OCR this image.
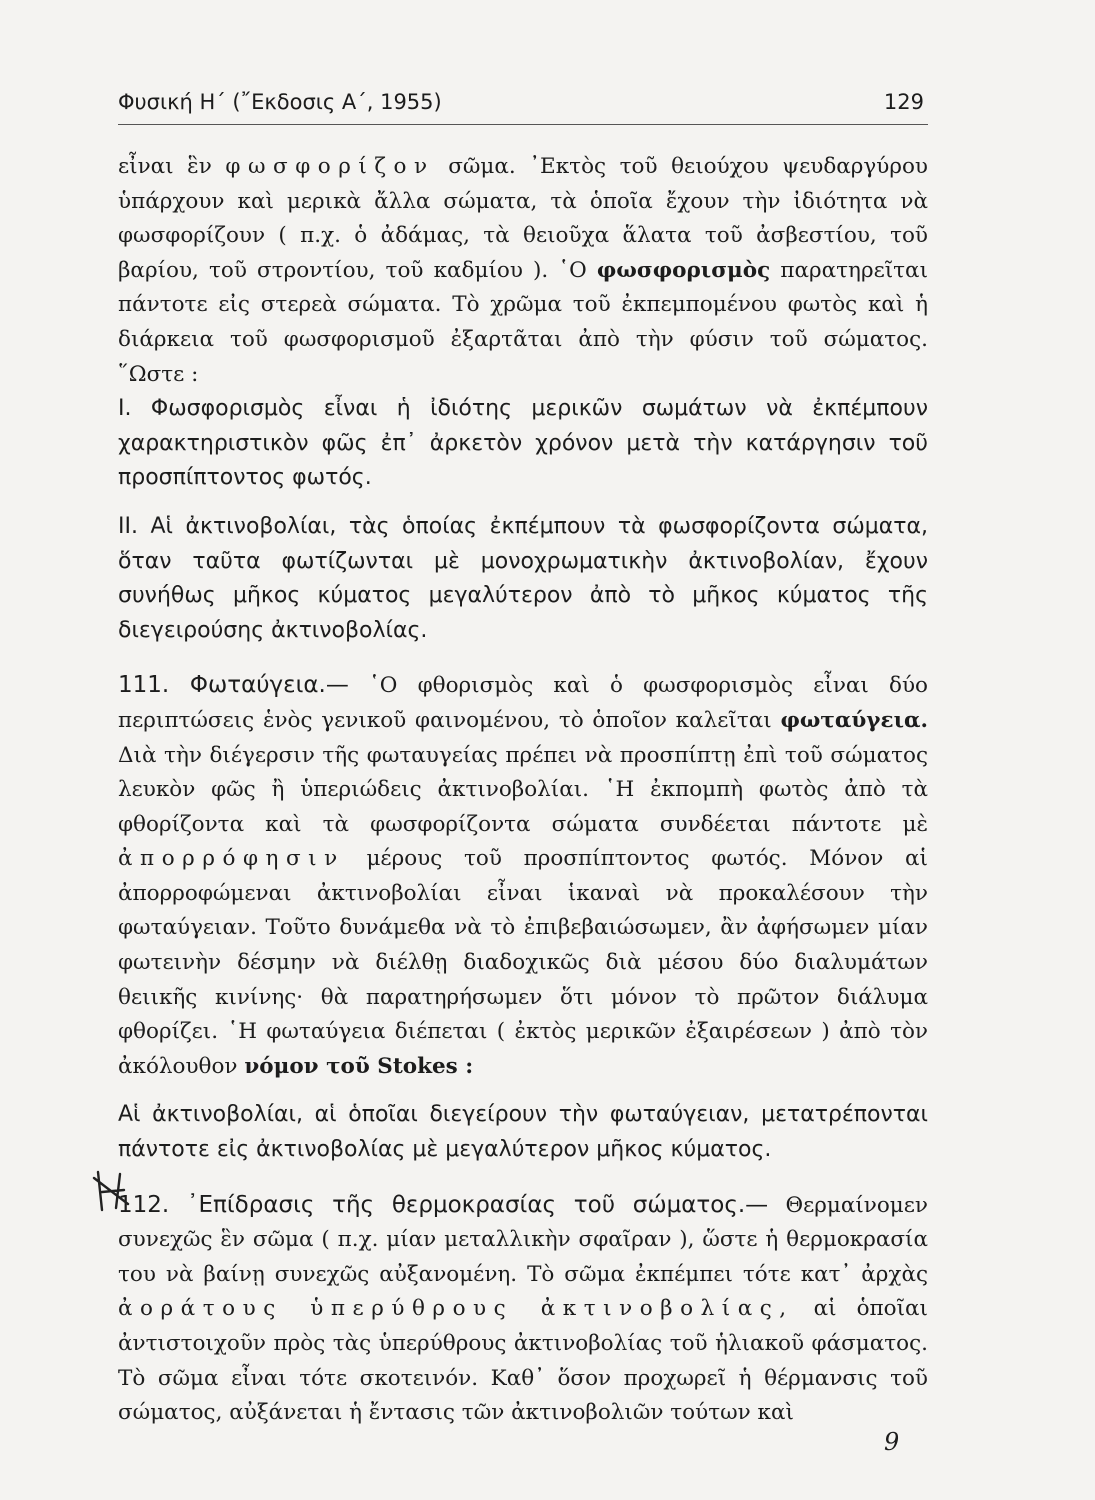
Φυσική Η΄ (῎Εκδοσις Α΄, 1955)	129

εἶναι ἓν φωσφορίζον σῶμα. ᾽Εκτὸς τοῦ θειούχου ψευδαργύρου ὑπάρχουν καὶ μερικὰ ἄλλα σώματα, τὰ ὁποῖα ἔχουν τὴν ἰδιότητα νὰ φωσφορίζουν ( π.χ. ὁ ἀδάμας, τὰ θειοῦχα ἅλατα τοῦ ἀσβεστίου, τοῦ βαρίου, τοῦ στροντίου, τοῦ καδμίου ). ῾Ο φωσφορισμὸς παρατηρεῖται πάντοτε εἰς στερεὰ σώματα. Τὸ χρῶμα τοῦ ἐκπεμπομένου φωτὸς καὶ ἡ διάρκεια τοῦ φωσφορισμοῦ ἐξαρτᾶται ἀπὸ τὴν φύσιν τοῦ σώματος. ῞Ωστε :

I. Φωσφορισμὸς εἶναι ἡ ἰδιότης μερικῶν σωμάτων νὰ ἐκπέμπουν χαρακτηριστικὸν φῶς ἐπ᾽ ἀρκετὸν χρόνον μετὰ τὴν κατάργησιν τοῦ προσπίπτοντος φωτός.

II. Αἱ ἀκτινοβολίαι, τὰς ὁποίας ἐκπέμπουν τὰ φωσφορίζοντα σώματα, ὅταν ταῦτα φωτίζωνται μὲ μονοχρωματικὴν ἀκτινοβολίαν, ἔχουν συνήθως μῆκος κύματος μεγαλύτερον ἀπὸ τὸ μῆκος κύματος τῆς διεγειρούσης ἀκτινοβολίας.

111. Φωταύγεια.— ῾Ο φθορισμὸς καὶ ὁ φωσφορισμὸς εἶναι δύο περιπτώσεις ἑνὸς γενικοῦ φαινομένου, τὸ ὁποῖον καλεῖται φωταύγεια. Διὰ τὴν διέγερσιν τῆς φωταυγείας πρέπει νὰ προσπίπτῃ ἐπὶ τοῦ σώματος λευκὸν φῶς ἢ ὑπεριώδεις ἀκτινοβολίαι. ῾Η ἐκπομπὴ φωτὸς ἀπὸ τὰ φθορίζοντα καὶ τὰ φωσφορίζοντα σώματα συνδέεται πάντοτε μὲ ἀπορρόφησιν μέρους τοῦ προσπίπτοντος φωτός. Μόνον αἱ ἀπορροφώμεναι ἀκτινοβολίαι εἶναι ἱκαναὶ νὰ προκαλέσουν τὴν φωταύγειαν. Τοῦτο δυνάμεθα νὰ τὸ ἐπιβεβαιώσωμεν, ἂν ἀφήσωμεν μίαν φωτεινὴν δέσμην νὰ διέλθῃ διαδοχικῶς διὰ μέσου δύο διαλυμάτων θειικῆς κινίνης· θὰ παρατηρήσωμεν ὅτι μόνον τὸ πρῶτον διάλυμα φθορίζει. ῾Η φωταύγεια διέπεται ( ἐκτὸς μερικῶν ἐξαιρέσεων ) ἀπὸ τὸν ἀκόλουθον νόμον τοῦ Stokes :

Αἱ ἀκτινοβολίαι, αἱ ὁποῖαι διεγείρουν τὴν φωταύγειαν, μετατρέπονται πάντοτε εἰς ἀκτινοβολίας μὲ μεγαλύτερον μῆκος κύματος.

112. ᾽Επίδρασις τῆς θερμοκρασίας τοῦ σώματος.— Θερμαίνομεν συνεχῶς ἓν σῶμα ( π.χ. μίαν μεταλλικὴν σφαῖραν ), ὥστε ἡ θερμοκρασία του νὰ βαίνῃ συνεχῶς αὐξανομένη. Τὸ σῶμα ἐκπέμπει τότε κατ᾽ ἀρχὰς ἀοράτους ὑπερύθρους ἀκτινοβολίας, αἱ ὁποῖαι ἀντιστοιχοῦν πρὸς τὰς ὑπερύθρους ἀκτινοβολίας τοῦ ἡλιακοῦ φάσματος. Τὸ σῶμα εἶναι τότε σκοτεινόν. Καθ᾽ ὅσον προχωρεῖ ἡ θέρμανσις τοῦ σώματος, αὐξάνεται ἡ ἔντασις τῶν ἀκτινοβολιῶν τούτων καὶ

9
